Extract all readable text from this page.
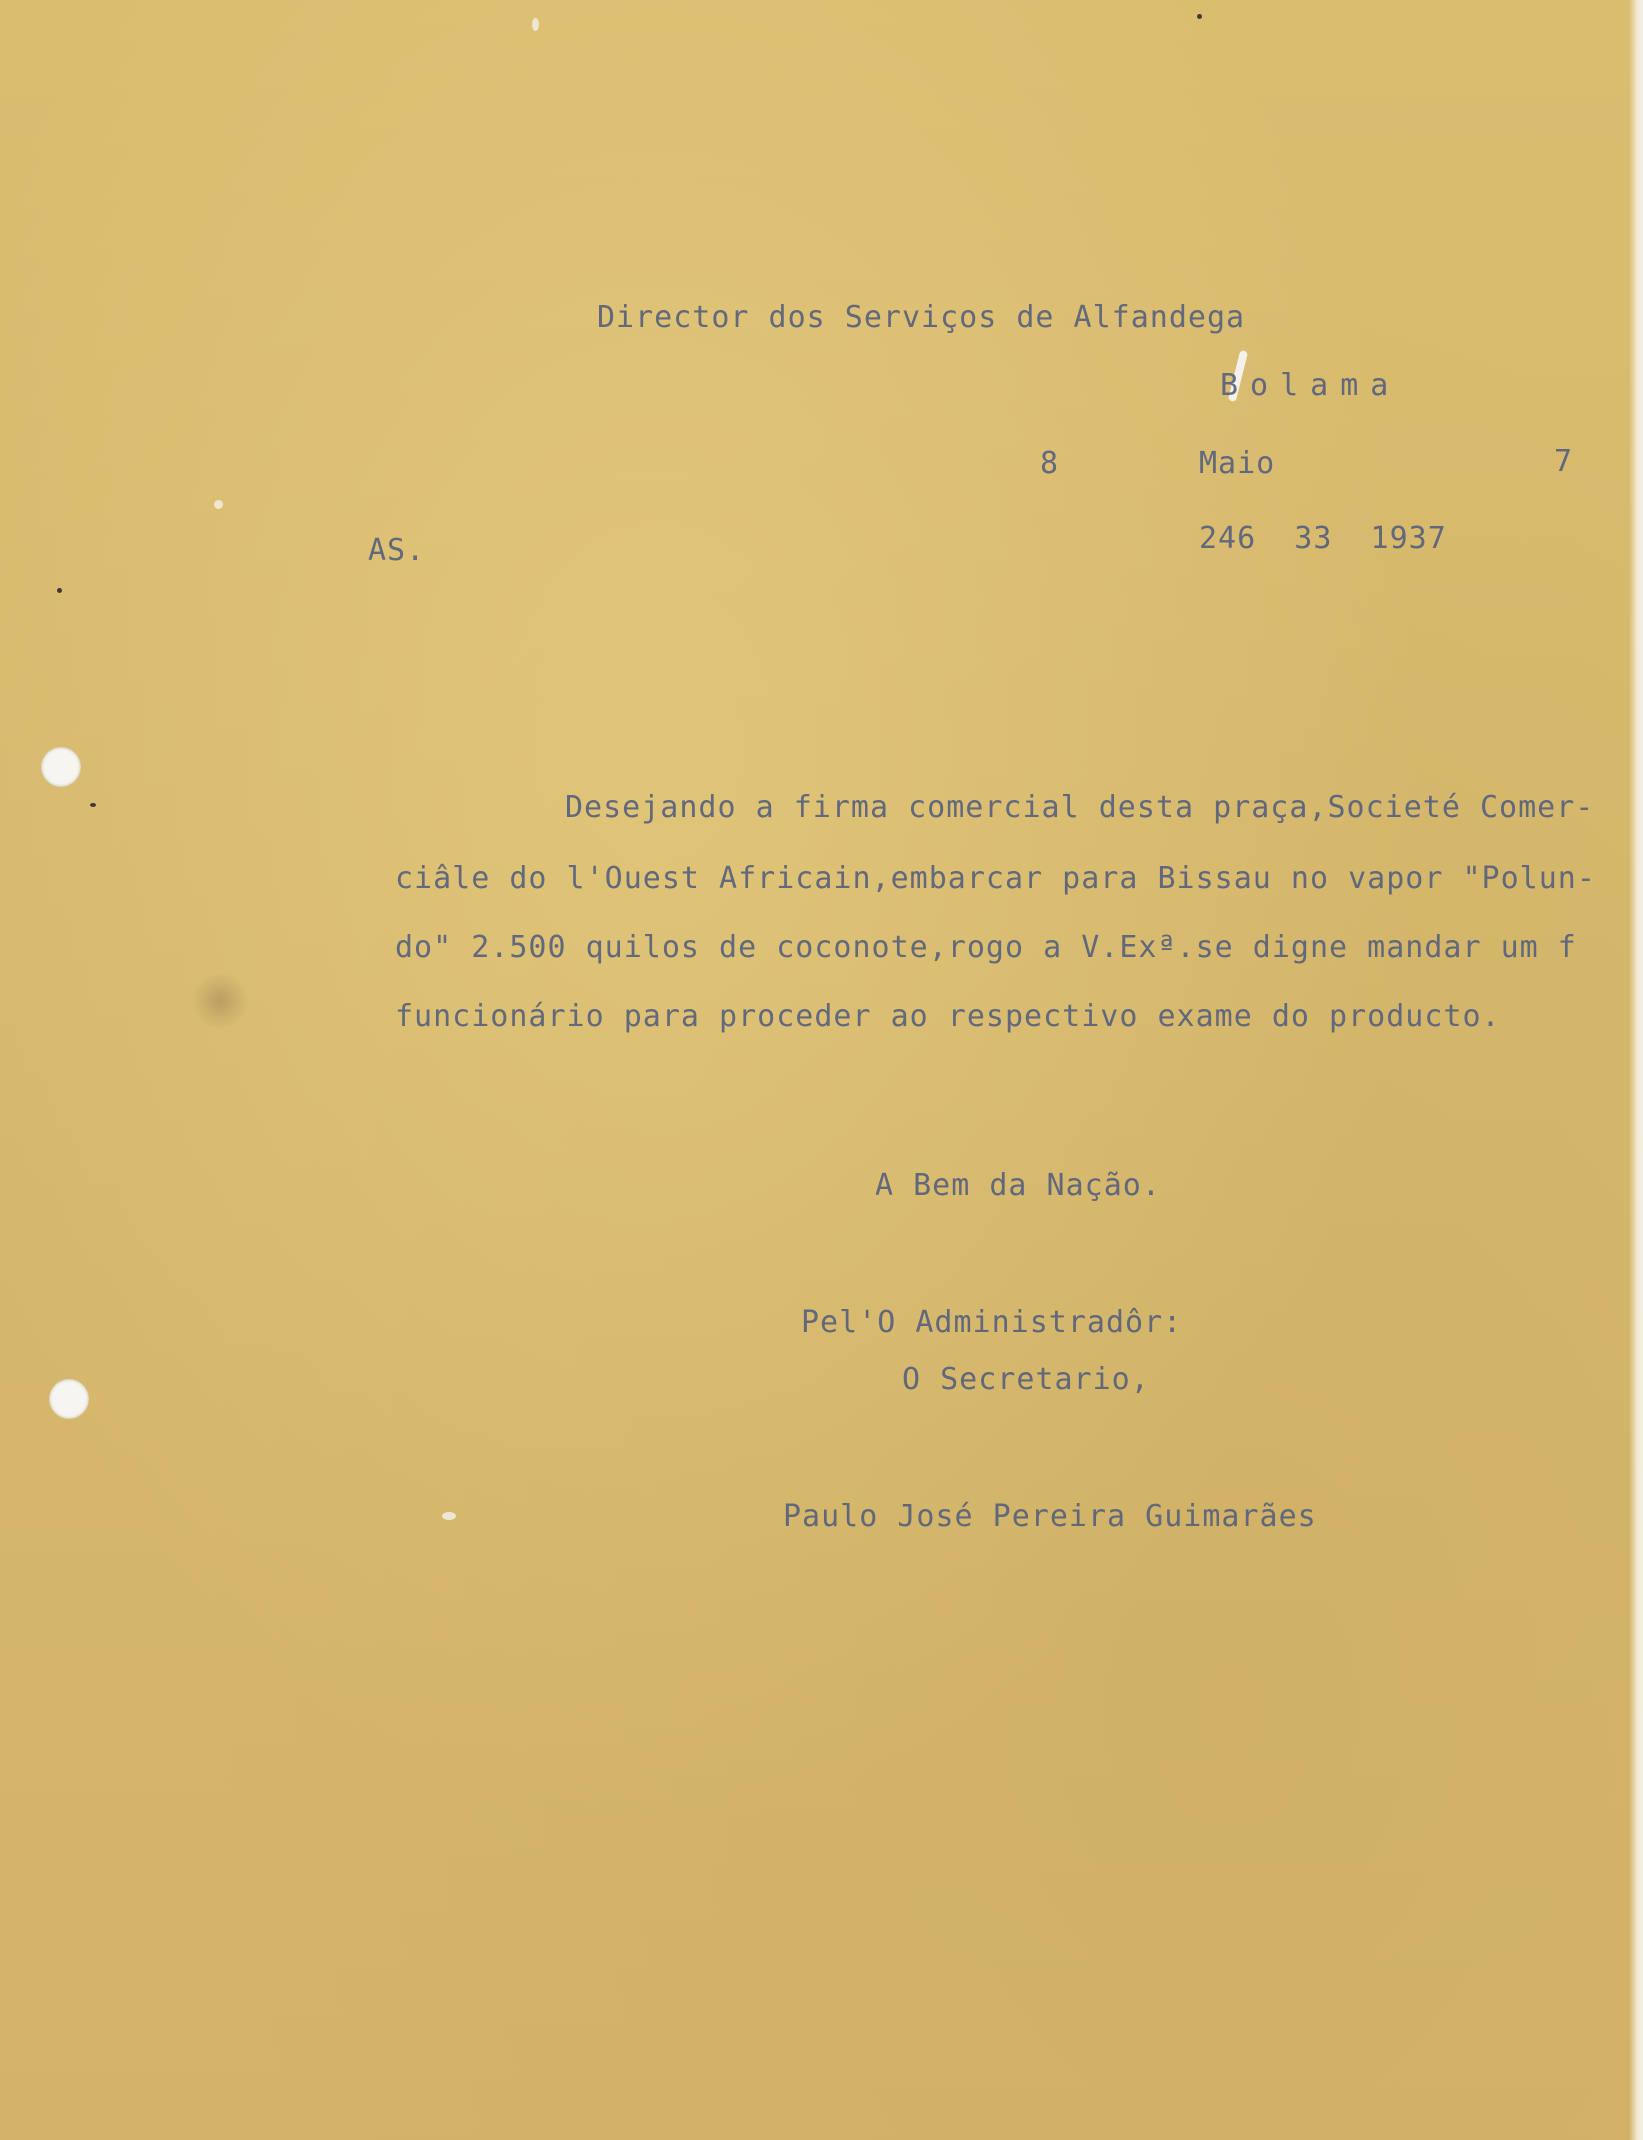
Director dos Serviços de Alfandega
Bolama
8	Maio	7
AS.	246  33  1937
Desejando a firma comercial desta praça,Societé Comer-
ciâle do l'Ouest Africain,embarcar para Bissau no vapor "Polun-
do" 2.500 quilos de coconote,rogo a V.Exª.se digne mandar um f
funcionário para proceder ao respectivo exame do producto.
A Bem da Nação.
Pel'O Administradôr:
O Secretario,
Paulo José Pereira Guimarães
